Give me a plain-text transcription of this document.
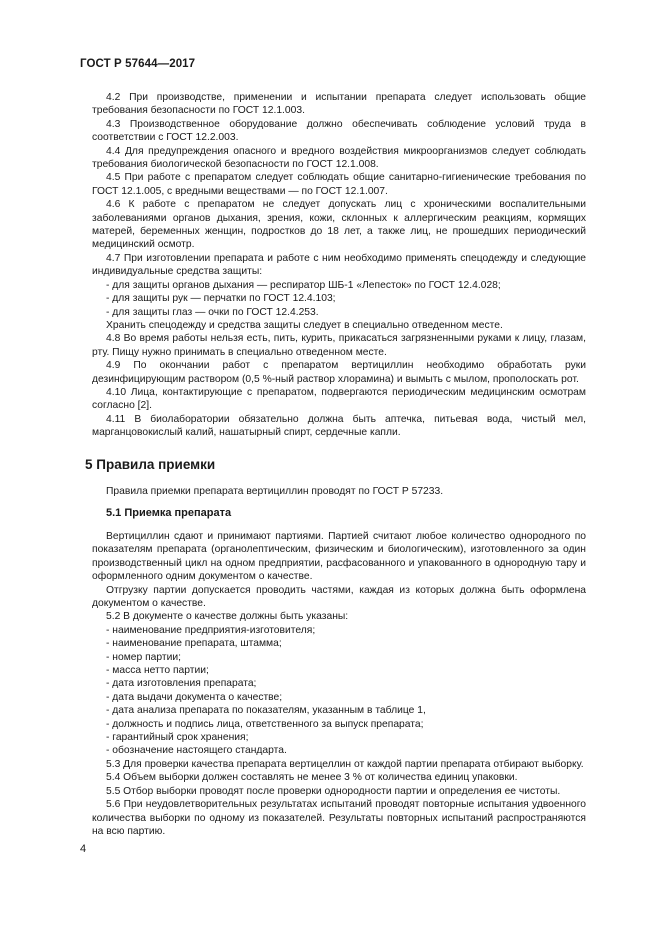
ГОСТ Р 57644—2017

4.2 При производстве, применении и испытании препарата следует использовать общие требования безопасности по ГОСТ 12.1.003.

4.3 Производственное оборудование должно обеспечивать соблюдение условий труда в соответствии с ГОСТ 12.2.003.

4.4 Для предупреждения опасного и вредного воздействия микроорганизмов следует соблюдать требования биологической безопасности по ГОСТ 12.1.008.

4.5 При работе с препаратом следует соблюдать общие санитарно-гигиенические требования по ГОСТ 12.1.005, с вредными веществами — по ГОСТ 12.1.007.

4.6 К работе с препаратом не следует допускать лиц с хроническими воспалительными заболеваниями органов дыхания, зрения, кожи, склонных к аллергическим реакциям, кормящих матерей, беременных женщин, подростков до 18 лет, а также лиц, не прошедших периодический медицинский осмотр.

4.7 При изготовлении препарата и работе с ним необходимо применять спецодежду и следующие индивидуальные средства защиты:

- для защиты органов дыхания — респиратор ШБ-1 «Лепесток» по ГОСТ 12.4.028;

- для защиты рук — перчатки по ГОСТ 12.4.103;

- для защиты глаз — очки по ГОСТ 12.4.253.

Хранить спецодежду и средства защиты следует в специально отведенном месте.

4.8 Во время работы нельзя есть, пить, курить, прикасаться загрязненными руками к лицу, глазам, рту. Пищу нужно принимать в специально отведенном месте.

4.9 По окончании работ с препаратом вертициллин необходимо обработать руки дезинфицирующим раствором (0,5 %-ный раствор хлорамина) и вымыть с мылом, прополоскать рот.

4.10 Лица, контактирующие с препаратом, подвергаются периодическим медицинским осмотрам согласно [2].

4.11 В биолаборатории обязательно должна быть аптечка, питьевая вода, чистый мел, марганцовокислый калий, нашатырный спирт, сердечные капли.

5 Правила приемки

Правила приемки препарата вертициллин проводят по ГОСТ Р 57233.

5.1 Приемка препарата

Вертициллин сдают и принимают партиями. Партией считают любое количество однородного по показателям препарата (органолептическим, физическим и биологическим), изготовленного за один производственный цикл на одном предприятии, расфасованного и упакованного в однородную тару и оформленного одним документом о качестве.

Отгрузку партии допускается проводить частями, каждая из которых должна быть оформлена документом о качестве.

5.2 В документе о качестве должны быть указаны:

- наименование предприятия-изготовителя;

- наименование препарата, штамма;

- номер партии;

- масса нетто партии;

- дата изготовления препарата;

- дата выдачи документа о качестве;

- дата анализа препарата по показателям, указанным в таблице 1,

- должность и подпись лица, ответственного за выпуск препарата;

- гарантийный срок хранения;

- обозначение настоящего стандарта.

5.3 Для проверки качества препарата вертицеллин от каждой партии препарата отбирают выборку.

5.4 Объем выборки должен составлять не менее 3 % от количества единиц упаковки.

5.5 Отбор выборки проводят после проверки однородности партии и определения ее чистоты.

5.6 При неудовлетворительных результатах испытаний проводят повторные испытания удвоенного количества выборки по одному из показателей. Результаты повторных испытаний распространяются на всю партию.

4
